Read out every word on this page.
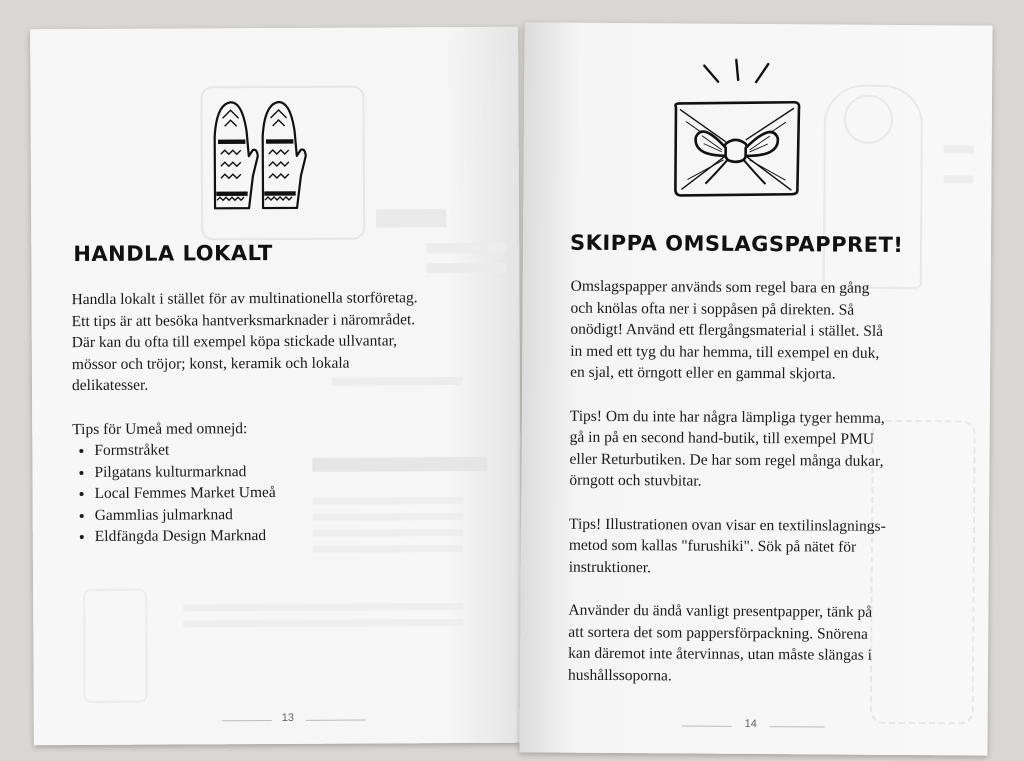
HANDLA LOKALT

Handla lokalt i stället för av multinationella storföretag.

Ett tips är att besöka hantverksmarknader i närområdet.

Där kan du ofta till exempel köpa stickade ullvantar,

mössor och tröjor; konst, keramik och lokala

delikatesser.

Tips för Umeå med omnejd:

• Formstråket
• Pilgatans kulturmarknad
• Local Femmes Market Umeå
• Gammlias julmarknad
• Eldfängda Design Marknad
13
SKIPPA OMSLAGSPAPPRET!

Omslagspapper används som regel bara en gång
och knölas ofta ner i soppåsen på direkten. Så
onödigt! Använd ett flergångsmaterial i stället. Slå
in med ett tyg du har hemma, till exempel en duk,
en sjal, ett örngott eller en gammal skjorta.

Tips! Om du inte har några lämpliga tyger hemma,
gå in på en second hand-butik, till exempel PMU
eller Returbutiken. De har som regel många dukar,
örngott och stuvbitar.

Tips! Illustrationen ovan visar en textilinslagnings-
metod som kallas "furushiki". Sök på nätet för
instruktioner.

Använder du ändå vanligt presentpapper, tänk på
att sortera det som pappersförpackning. Snörena
kan däremot inte återvinnas, utan måste slängas i
hushållssoporna.

14
